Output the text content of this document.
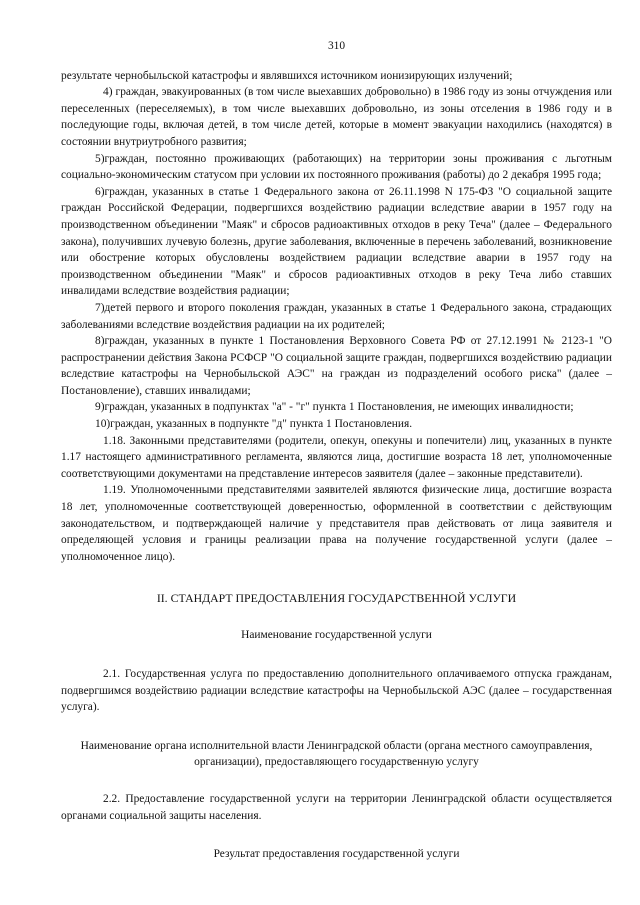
310

результате чернобыльской катастрофы и являвшихся источником ионизирующих излучений;

4) граждан, эвакуированных (в том числе выехавших добровольно) в 1986 году из зоны отчуждения или переселенных (переселяемых), в том числе выехавших добровольно, из зоны отселения в 1986 году и в последующие годы, включая детей, в том числе детей, которые в момент эвакуации находились (находятся) в состоянии внутриутробного развития;

5)граждан, постоянно проживающих (работающих) на территории зоны проживания с льготным социально-экономическим статусом при условии их постоянного проживания (работы) до 2 декабря 1995 года;

6)граждан, указанных в статье 1 Федерального закона от 26.11.1998 N 175-ФЗ "О социальной защите граждан Российской Федерации, подвергшихся воздействию радиации вследствие аварии в 1957 году на производственном объединении "Маяк" и сбросов радиоактивных отходов в реку Теча" (далее – Федерального закона), получивших лучевую болезнь, другие заболевания, включенные в перечень заболеваний, возникновение или обострение которых обусловлены воздействием радиации вследствие аварии в 1957 году на производственном объединении "Маяк" и сбросов радиоактивных отходов в реку Теча либо ставших инвалидами вследствие воздействия радиации;

7)детей первого и второго поколения граждан, указанных в статье 1 Федерального закона, страдающих заболеваниями вследствие воздействия радиации на их родителей;

8)граждан, указанных в пункте 1 Постановления Верховного Совета РФ от 27.12.1991 № 2123-1 "О распространении действия Закона РСФСР "О социальной защите граждан, подвергшихся воздействию радиации вследствие катастрофы на Чернобыльской АЭС" на граждан из подразделений особого риска" (далее – Постановление), ставших инвалидами;

9)граждан, указанных в подпунктах "а" - "г" пункта 1 Постановления, не имеющих инвалидности;

10)граждан, указанных в подпункте "д" пункта 1 Постановления.

1.18. Законными представителями (родители, опекун, опекуны и попечители) лиц, указанных в пункте 1.17 настоящего административного регламента, являются лица, достигшие возраста 18 лет, уполномоченные соответствующими документами на представление интересов заявителя (далее – законные представители).

1.19. Уполномоченными представителями заявителей являются физические лица, достигшие возраста 18 лет, уполномоченные соответствующей доверенностью, оформленной в соответствии с действующим законодательством, и подтверждающей наличие у представителя прав действовать от лица заявителя и определяющей условия и границы реализации права на получение государственной услуги (далее – уполномоченное лицо).

II. СТАНДАРТ ПРЕДОСТАВЛЕНИЯ ГОСУДАРСТВЕННОЙ УСЛУГИ
Наименование государственной услуги

2.1. Государственная услуга по предоставлению дополнительного оплачиваемого отпуска гражданам, подвергшимся воздействию радиации вследствие катастрофы на Чернобыльской АЭС (далее – государственная услуга).

Наименование органа исполнительной власти Ленинградской области (органа местного самоуправления, организации), предоставляющего государственную услугу

2.2. Предоставление государственной услуги на территории Ленинградской области осуществляется органами социальной защиты населения.

Результат предоставления государственной услуги
